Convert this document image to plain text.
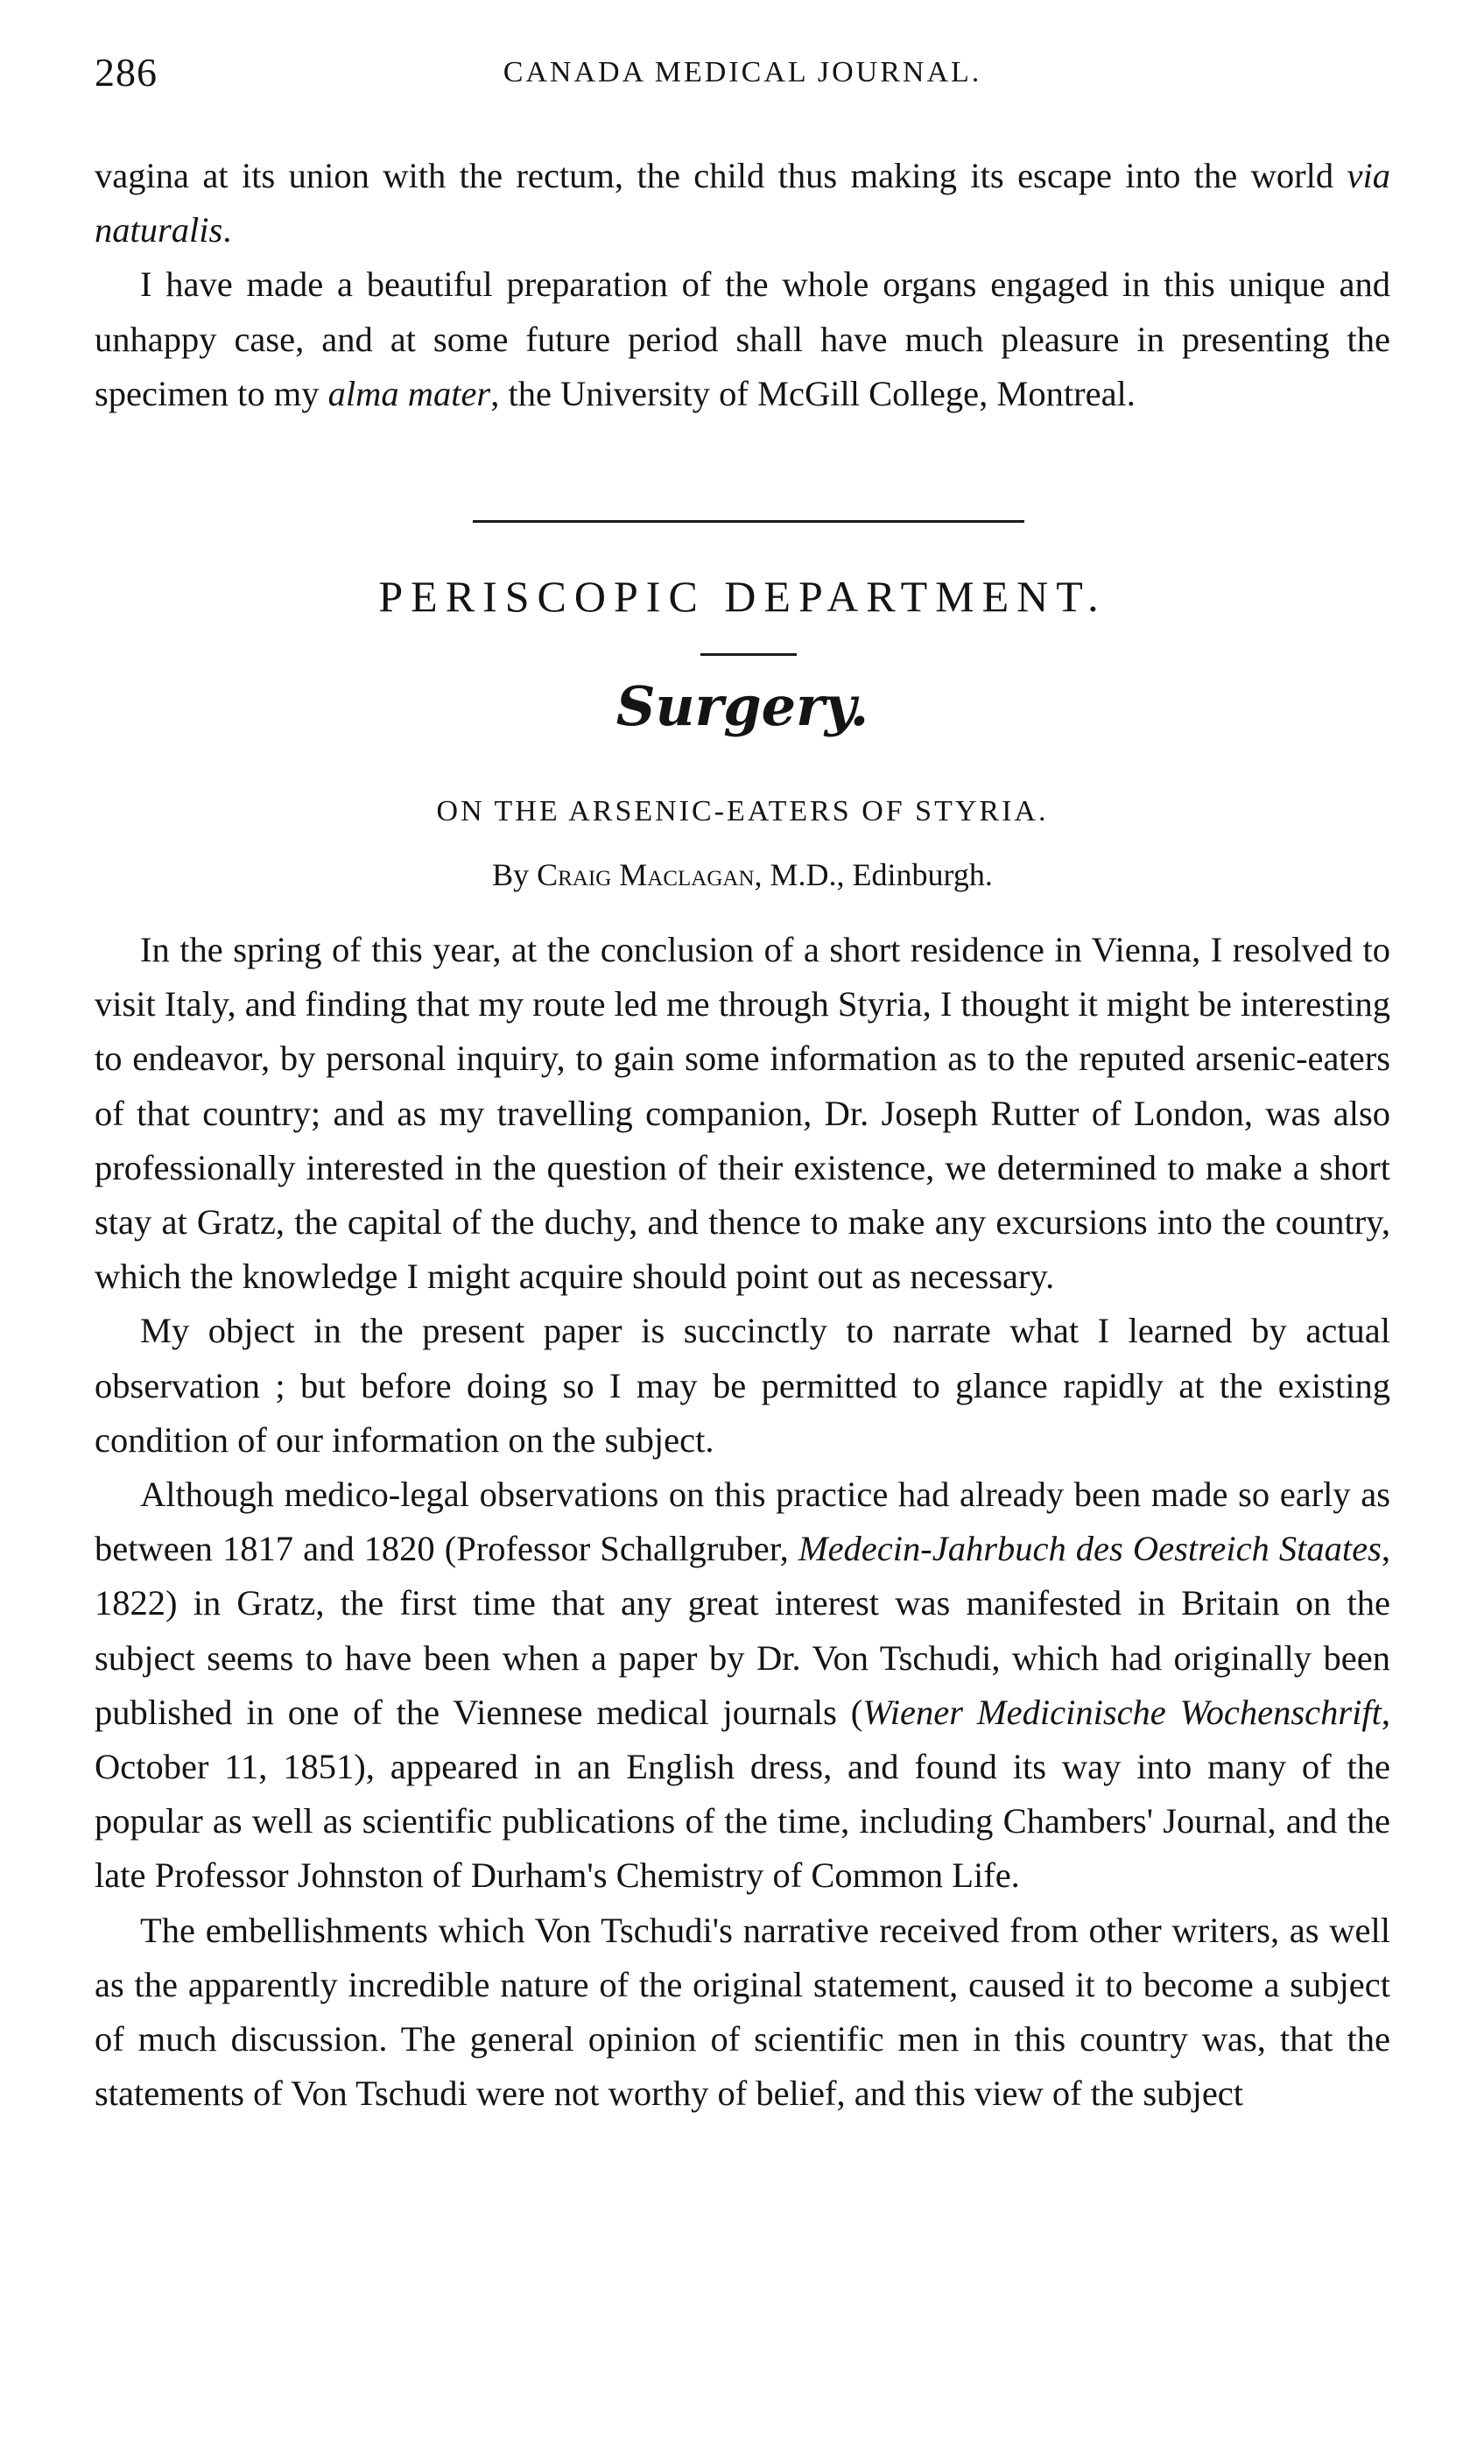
286	CANADA MEDICAL JOURNAL.

vagina at its union with the rectum, the child thus making its escape into the world via naturalis.

I have made a beautiful preparation of the whole organs engaged in this unique and unhappy case, and at some future period shall have much pleasure in presenting the specimen to my alma mater, the University of McGill College, Montreal.

PERISCOPIC DEPARTMENT.
Surgery.
ON THE ARSENIC-EATERS OF STYRIA.
By Craig Maclagan, M.D., Edinburgh.

In the spring of this year, at the conclusion of a short residence in Vienna, I resolved to visit Italy, and finding that my route led me through Styria, I thought it might be interesting to endeavor, by personal inquiry, to gain some information as to the reputed arsenic-eaters of that country; and as my travelling companion, Dr. Joseph Rutter of London, was also professionally interested in the question of their existence, we determined to make a short stay at Gratz, the capital of the duchy, and thence to make any excursions into the country, which the knowledge I might acquire should point out as necessary.

My object in the present paper is succinctly to narrate what I learned by actual observation ; but before doing so I may be permitted to glance rapidly at the existing condition of our information on the subject.

Although medico-legal observations on this practice had already been made so early as between 1817 and 1820 (Professor Schallgruber, Medecin-Jahrbuch des Oestreich Staates, 1822) in Gratz, the first time that any great interest was manifested in Britain on the subject seems to have been when a paper by Dr. Von Tschudi, which had originally been published in one of the Viennese medical journals (Wiener Medicinische Wochenschrift, October 11, 1851), appeared in an English dress, and found its way into many of the popular as well as scientific publications of the time, including Chambers' Journal, and the late Professor Johnston of Durham's Chemistry of Common Life.

The embellishments which Von Tschudi's narrative received from other writers, as well as the apparently incredible nature of the original statement, caused it to become a subject of much discussion. The general opinion of scientific men in this country was, that the statements of Von Tschudi were not worthy of belief, and this view of the subject
